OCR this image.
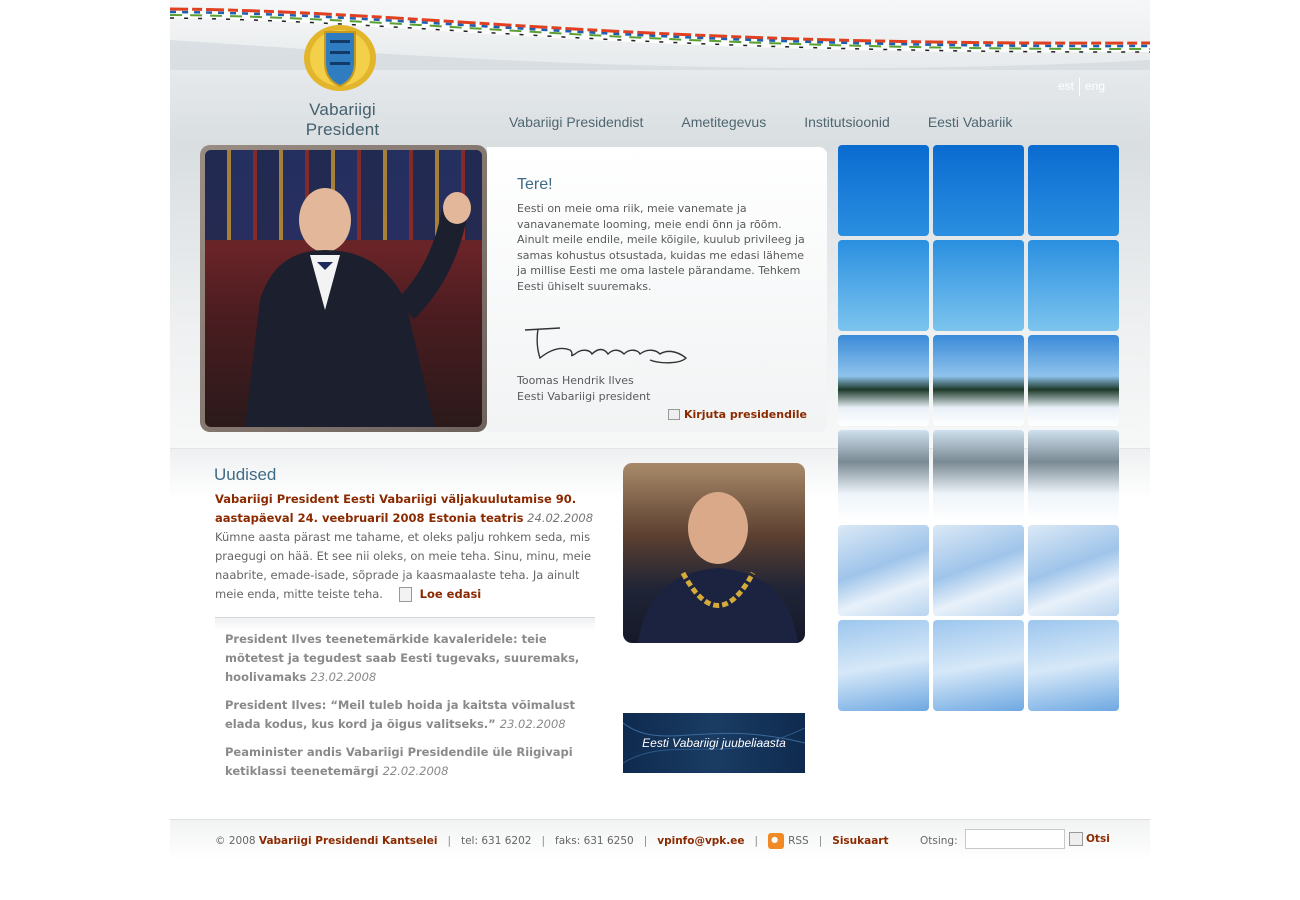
Vabariigi President
est eng
Vabariigi Presidendist	Ametitegevus	Institutsioonid	Eesti Vabariik
Tere!
Eesti on meie oma riik, meie vanemate ja vanavanemate looming, meie endi õnn ja rõõm. Ainult meile endile, meile kõigile, kuulub privileeg ja samas kohustus otsustada, kuidas me edasi läheme ja millise Eesti me oma lastele pärandame. Tehkem Eesti ühiselt suuremaks.
Toomas Hendrik Ilves
Eesti Vabariigi president
Kirjuta presidendile
Uudised
Vabariigi President Eesti Vabariigi väljakuulutamise 90. aastapäeval 24. veebruaril 2008 Estonia teatris 24.02.2008
Kümne aasta pärast me tahame, et oleks palju rohkem seda, mis praegugi on hää. Et see nii oleks, on meie teha. Sinu, minu, meie naabrite, emade-isade, sõprade ja kaasmaalaste teha. Ja ainult meie enda, mitte teiste teha.	Loe edasi
President Ilves teenetemärkide kavaleridele: teie mõtetest ja tegudest saab Eesti tugevaks, suuremaks, hoolivamaks 23.02.2008
President Ilves: “Meil tuleb hoida ja kaitsta võimalust elada kodus, kus kord ja õigus valitseks.” 23.02.2008
Peaminister andis Vabariigi Presidendile üle Riigivapi ketiklassi teenetemärgi 22.02.2008
Eesti Vabariigi juubeliaasta
© 2008
Vabariigi Presidendi Kantselei | tel: 631 6202 | faks: 631 6250 | vpinfo@vpk.ee |
●	RSS | Sisukaart	Otsing:	Otsi
